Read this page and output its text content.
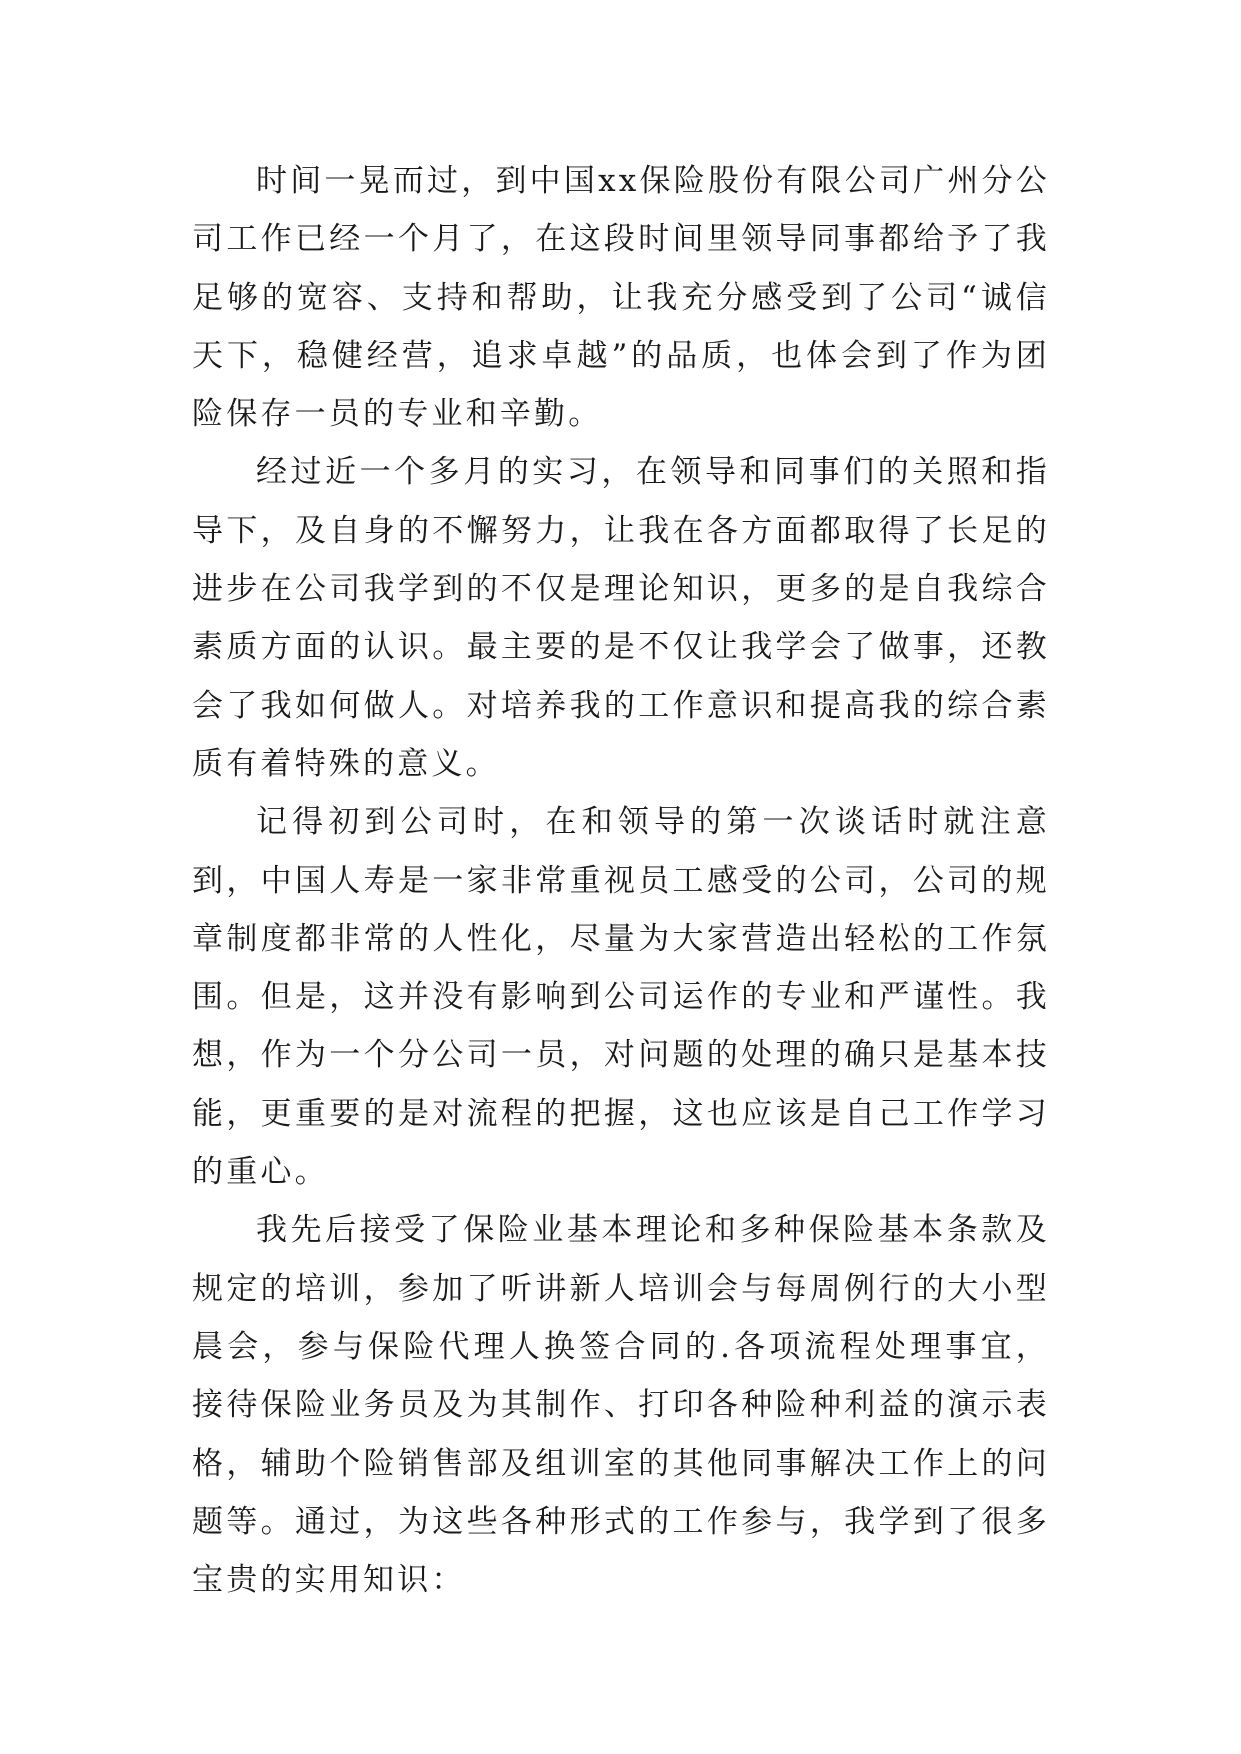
时间一晃而过，到中国xx保险股份有限公司广州分公司工作已经一个月了，在这段时间里领导同事都给予了我足够的宽容、支持和帮助，让我充分感受到了公司“诚信天下，稳健经营，追求卓越”的品质，也体会到了作为团险保存一员的专业和辛勤。

经过近一个多月的实习，在领导和同事们的关照和指导下，及自身的不懈努力，让我在各方面都取得了长足的进步在公司我学到的不仅是理论知识，更多的是自我综合素质方面的认识。最主要的是不仅让我学会了做事，还教会了我如何做人。对培养我的工作意识和提高我的综合素质有着特殊的意义。

记得初到公司时，在和领导的第一次谈话时就注意到，中国人寿是一家非常重视员工感受的公司，公司的规章制度都非常的人性化，尽量为大家营造出轻松的工作氛围。但是，这并没有影响到公司运作的专业和严谨性。我想，作为一个分公司一员，对问题的处理的确只是基本技能，更重要的是对流程的把握，这也应该是自己工作学习的重心。

我先后接受了保险业基本理论和多种保险基本条款及规定的培训，参加了听讲新人培训会与每周例行的大小型晨会，参与保险代理人换签合同的.各项流程处理事宜，接待保险业务员及为其制作、打印各种险种利益的演示表格，辅助个险销售部及组训室的其他同事解决工作上的问题等。通过，为这些各种形式的工作参与，我学到了很多宝贵的实用知识：
